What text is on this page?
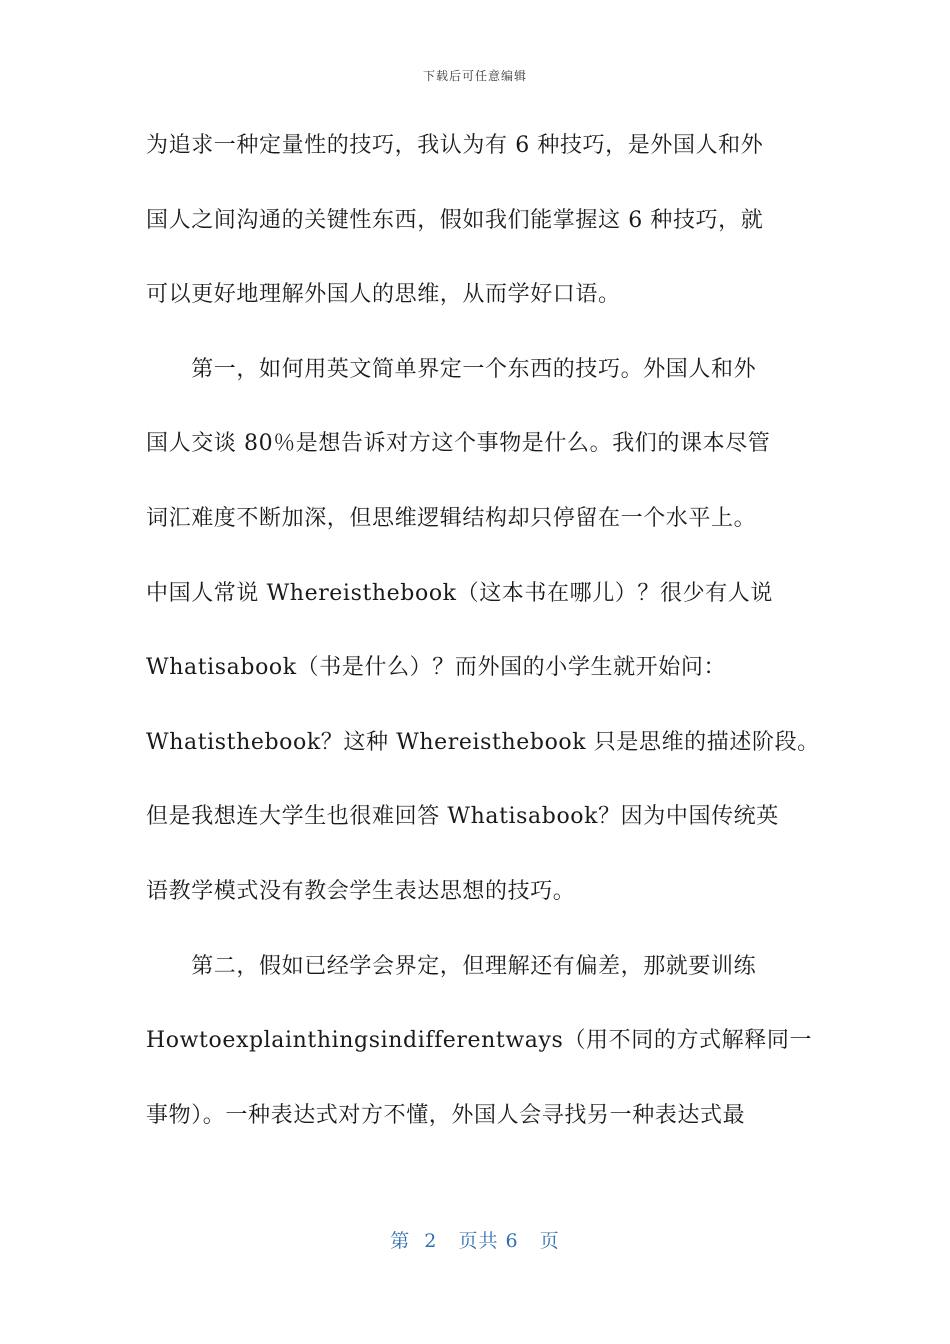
下载后可任意编辑
为追求一种定量性的技巧，我认为有 6 种技巧，是外国人和外
国人之间沟通的关键性东西，假如我们能掌握这 6 种技巧，就
可以更好地理解外国人的思维，从而学好口语。
　　第一，如何用英文简单界定一个东西的技巧。外国人和外
国人交谈 80％是想告诉对方这个事物是什么。我们的课本尽管
词汇难度不断加深，但思维逻辑结构却只停留在一个水平上。
中国人常说 Whereisthebook（这本书在哪儿）？很少有人说
Whatisabook（书是什么）？而外国的小学生就开始问：
Whatisthebook？这种 Whereisthebook 只是思维的描述阶段。
但是我想连大学生也很难回答 Whatisabook？因为中国传统英
语教学模式没有教会学生表达思想的技巧。
　　第二，假如已经学会界定，但理解还有偏差，那就要训练
Howtoexplainthingsindifferentways（用不同的方式解释同一
事物）。一种表达式对方不懂，外国人会寻找另一种表达式最
第  2   页共 6   页
